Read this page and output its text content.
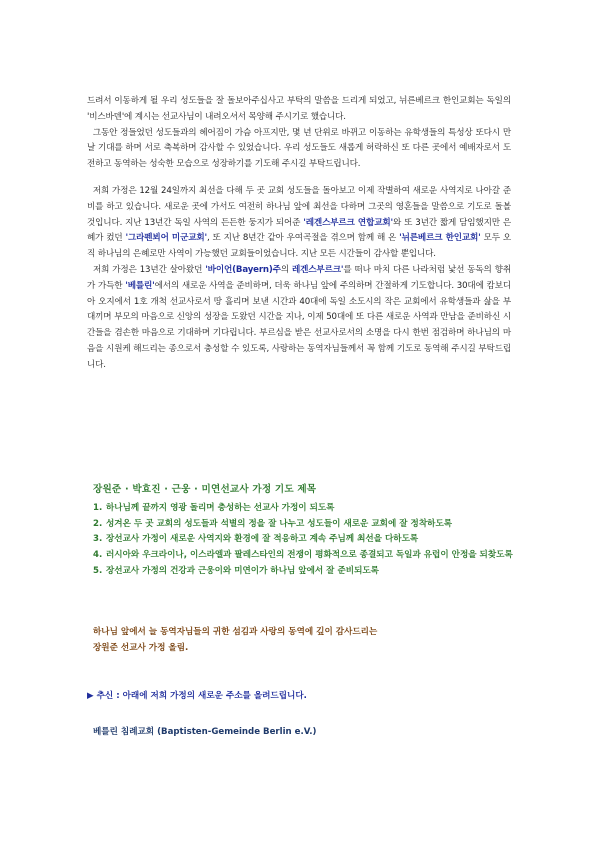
드려서 이동하게 될 우리 성도들을 잘 돌보아주십사고 부탁의 말씀을 드리게 되었고, 뉘른베르크 한인교회는 독일의 '비스바덴'에 계시는 선교사님이 내려오셔서 목양해 주시기로 했습니다.

그동안 정들었던 성도들과의 헤어짐이 가슴 아프지만, 몇 년 단위로 바뀌고 이동하는 유학생들의 특성상 또다시 만날 기대를 하며 서로 축복하며 감사할 수 있었습니다. 우리 성도들도 새롭게 허락하신 또 다른 곳에서 예배자로서 도전하고 동역하는 성숙한 모습으로 성장하기를 기도해 주시길 부탁드립니다.

저희 가정은 12월 24일까지 최선을 다해 두 곳 교회 성도들을 돌아보고 이제 작별하여 새로운 사역지로 나아갈 준비를 하고 있습니다. 새로운 곳에 가서도 여전히 하나님 앞에 최선을 다하며 그곳의 영혼들을 말씀으로 기도로 돌볼 것입니다. 지난 13년간 독일 사역의 든든한 둥지가 되어준 '레겐스부르크 연합교회'와 또 3년간 짧게 담임했지만 은혜가 컸던 '그라펜뵈어 미군교회', 또 지난 8년간 같아 우여곡절을 겪으며 함께 해 온 '뉘른베르크 한인교회' 모두 오직 하나님의 은혜로만 사역이 가능했던 교회들이었습니다. 지난 모든 시간들이 감사할 뿐입니다.

저희 가정은 13년간 살아왔던 '바이언(Bayern)주의 레겐스부르크'를 떠나 마치 다른 나라처럼 낯선 동독의 향취가 가득한 '베를린'에서의 새로운 사역을 준비하며, 더욱 하나님 앞에 주의하며 간절하게 기도합니다. 30대에 캄보디아 오지에서 1호 개척 선교사로서 땅 흘리며 보낸 시간과 40대에 독일 소도시의 작은 교회에서 유학생들과 삶을 부대끼며 부모의 마음으로 신앙의 성장을 도왔던 시간을 지나, 이제 50대에 또 다른 새로운 사역과 만남을 준비하신 시간들을 겸손한 마음으로 기대하며 기다립니다. 부르심을 받은 선교사로서의 소명을 다시 한번 점검하며 하나님의 마음을 시원케 해드리는 종으로서 충성할 수 있도록, 사랑하는 동역자님들께서 꼭 함께 기도로 동역해 주시길 부탁드립니다.

장원준 · 박효진 · 근웅 · 미연선교사 가정 기도 제목
1. 하나님께 끝까지 영광 돌리며 충성하는 선교사 가정이 되도록
2. 성겨온 두 곳 교회의 성도들과 석별의 정을 잘 나누고 성도들이 새로운 교회에 잘 정착하도록
3. 장선교사 가정이 새로운 사역지와 환경에 잘 적응하고 계속 주님께 최선을 다하도록
4. 러시아와 우크라이나, 이스라엘과 팔레스타인의 전쟁이 평화적으로 종결되고 독일과 유럽이 안정을 되찾도록
5. 장선교사 가정의 건강과 근웅이와 미연이가 하나님 앞에서 잘 준비되도록
하나님 앞에서 늘 동역자님들의 귀한 섬김과 사랑의 동역에 깊이 감사드리는
장원준 선교사 가정 올림.
▶ 추신 : 아래에 저희 가정의 새로운 주소를 올려드립니다.
베를린 침례교회 (Baptisten-Gemeinde Berlin e.V.)
